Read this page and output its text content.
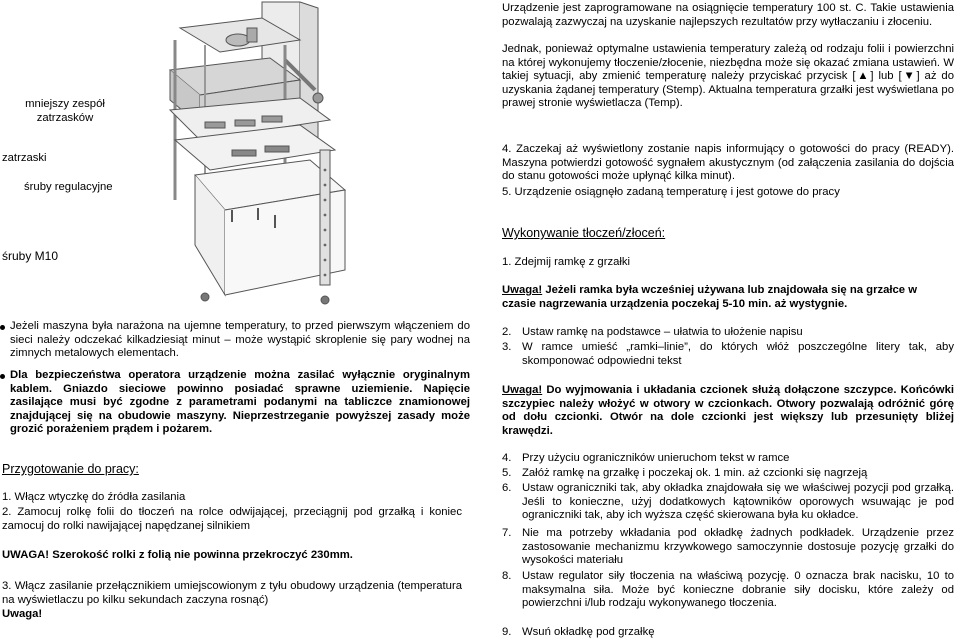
mniejszy zespół zatrzasków
zatrzaski
śruby regulacyjne
śruby M10
Urządzenie jest zaprogramowane na osiągnięcie temperatury 100 st. C. Takie ustawienia pozwalają zazwyczaj na uzyskanie najlepszych rezultatów przy wytłaczaniu i złoceniu.
Jednak, ponieważ optymalne ustawienia temperatury zależą od rodzaju folii i powierzchni na której wykonujemy tłoczenie/złocenie, niezbędna może się okazać zmiana ustawień. W takiej sytuacji, aby zmienić temperaturę należy przyciskać przycisk [▲] lub [▼] aż do uzyskania żądanej temperatury (Stemp). Aktualna temperatura grzałki jest wyświetlana po prawej stronie wyświetlacza (Temp).
4. Zaczekaj aż wyświetlony zostanie napis informujący o gotowości do pracy (READY). Maszyna potwierdzi gotowość sygnałem akustycznym (od załączenia zasilania do dojścia do stanu gotowości może upłynąć kilka minut).
5. Urządzenie osiągnęło zadaną temperaturę i jest gotowe do pracy
Wykonywanie tłoczeń/złoceń:
1. Zdejmij ramkę z grzałki
Uwaga! Jeżeli ramka była wcześniej używana lub znajdowała się na grzałce w czasie nagrzewania urządzenia poczekaj 5-10 min. aż wystygnie.
2. Ustaw ramkę na podstawce – ułatwia to ułożenie napisu
3. W ramce umieść „ramki–linie”, do których włóż poszczególne litery tak, aby skomponować odpowiedni tekst
Uwaga! Do wyjmowania i układania czcionek służą dołączone szczypce. Końcówki szczypiec należy włożyć w otwory w czcionkach. Otwory pozwalają odróżnić górę od dołu czcionki. Otwór na dole czcionki jest większy lub przesunięty bliżej krawędzi.
4. Przy użyciu ograniczników unieruchom tekst w ramce
5. Załóż ramkę na grzałkę i poczekaj ok. 1 min. aż czcionki się nagrzeją
6. Ustaw ograniczniki tak, aby okładka znajdowała się we właściwej pozycji pod grzałką. Jeśli to konieczne, użyj dodatkowych kątowników oporowych wsuwając je pod ograniczniki tak, aby ich wyższa część skierowana była ku okładce.
7. Nie ma potrzeby wkładania pod okładkę żadnych podkładek. Urządzenie przez zastosowanie mechanizmu krzywkowego samoczynnie dostosuje pozycję grzałki do wysokości materiału
8. Ustaw regulator siły tłoczenia na właściwą pozycję. 0 oznacza brak nacisku, 10 to maksymalna siła. Może być konieczne dobranie siły docisku, które zależy od powierzchni i/lub rodzaju wykonywanego tłoczenia.
9. Wsuń okładkę pod grzałkę
Jeżeli maszyna była narażona na ujemne temperatury, to przed pierwszym włączeniem do sieci należy odczekać kilkadziesiąt minut – może wystąpić skroplenie się pary wodnej na zimnych metalowych elementach.
Dla bezpieczeństwa operatora urządzenie można zasilać wyłącznie oryginalnym kablem. Gniazdo sieciowe powinno posiadać sprawne uziemienie. Napięcie zasilające musi być zgodne z parametrami podanymi na tabliczce znamionowej znajdującej się na obudowie maszyny. Nieprzestrzeganie powyższej zasady może grozić porażeniem prądem i pożarem.
Przygotowanie do pracy:
1. Włącz wtyczkę do źródła zasilania
2. Zamocuj rolkę folii do tłoczeń na rolce odwijającej, przeciągnij pod grzałką i koniec zamocuj do rolki nawijającej napędzanej silnikiem
UWAGA! Szerokość rolki z folią nie powinna przekroczyć 230mm.
3. Włącz zasilanie przełącznikiem umiejscowionym z tyłu obudowy urządzenia (temperatura na wyświetlaczu po kilku sekundach zaczyna rosnąć)
Uwaga!
